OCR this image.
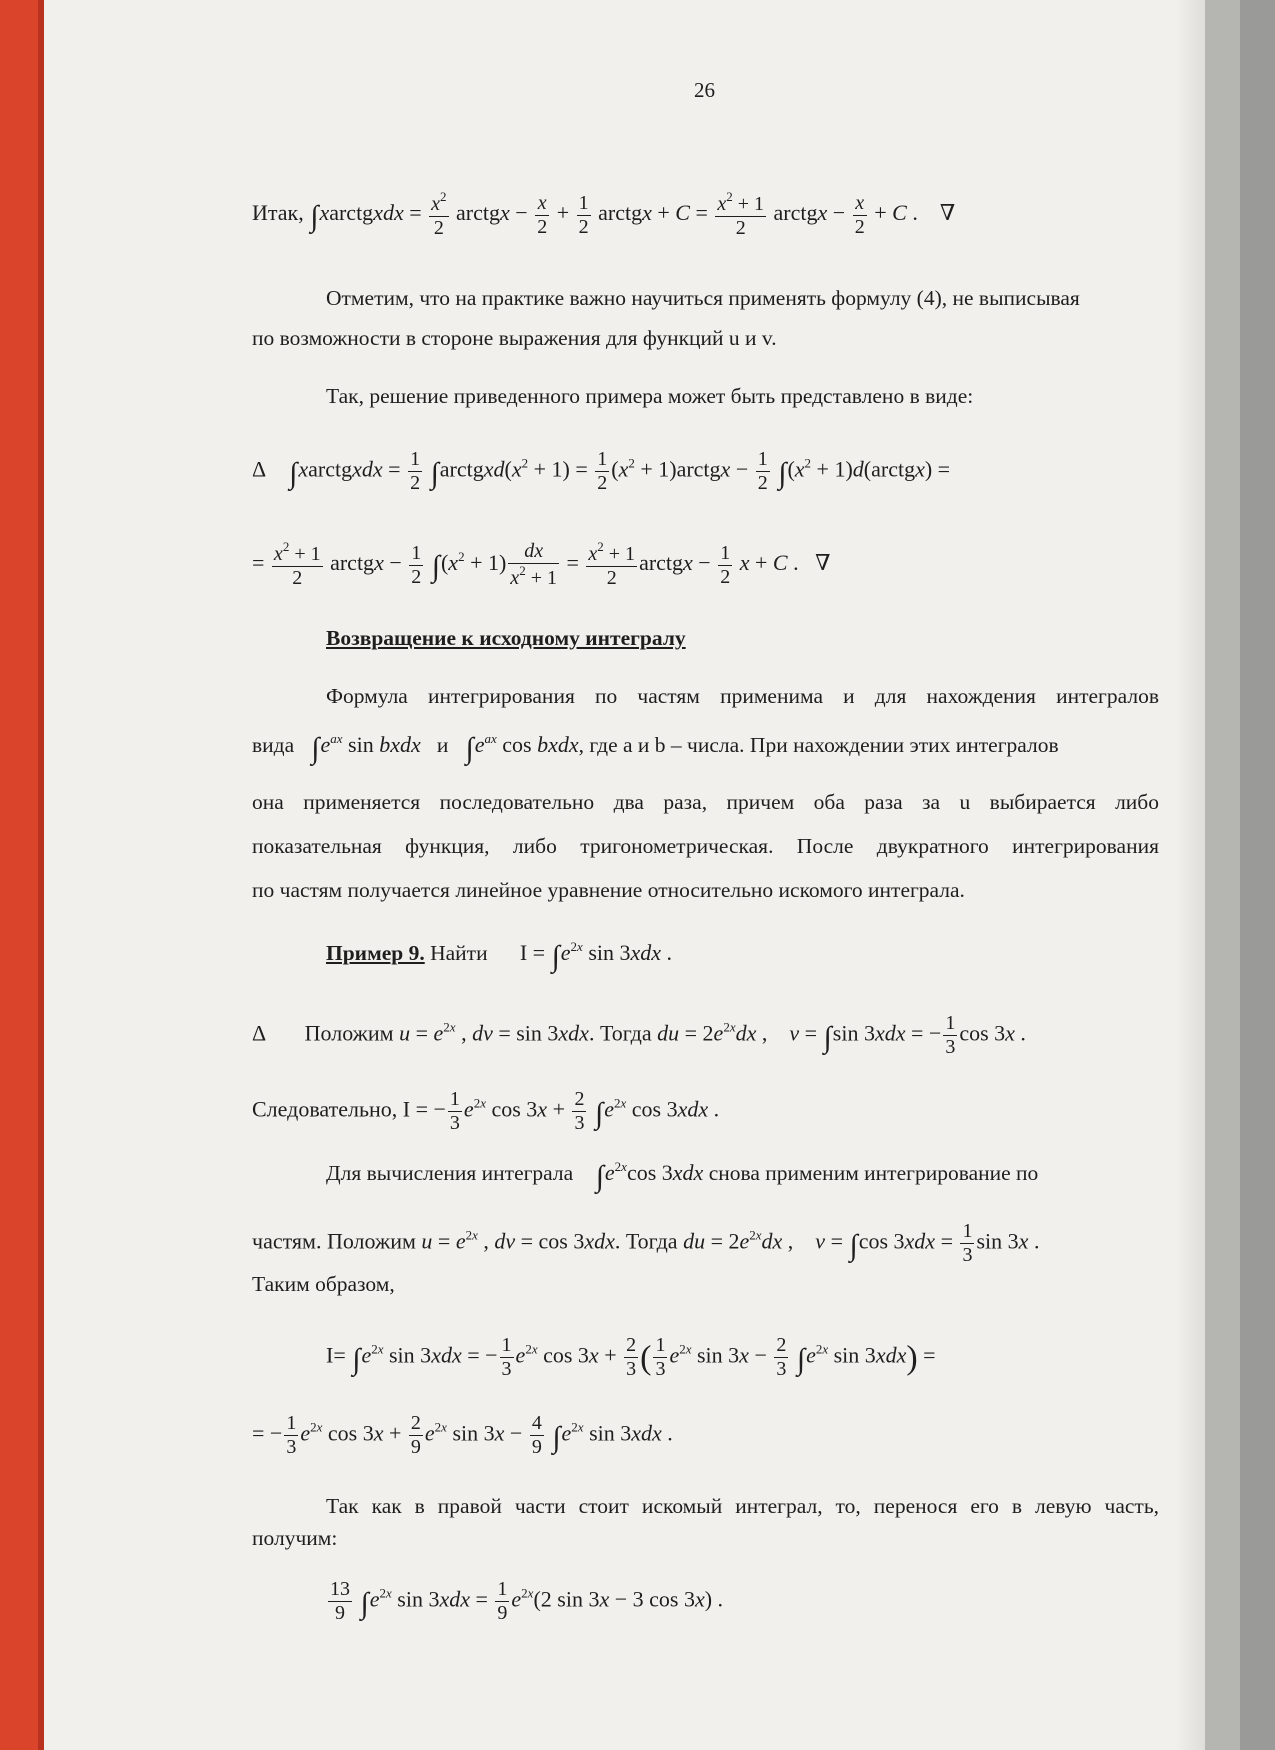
26
Итак, ∫xarctgxdx = $\frac{x^2}{2}$ arctgx − $\frac{x}{2} + \frac{1}{2}$ arctgx + $C = \frac{x^2 + 1}{2}$ arctgx − $\frac{x}{2} + C$ .    ∇
Отметим, что на практике важно научиться применять формулу (4), не выписывая
по возможности в стороне выражения для функций u и v.
Так, решение приведенного примера может быть представлено в виде:
Δ ∫xarctgxdx = $\frac{1}{2}$ $\int arctgxd(x^2 + 1) = \frac{1}{2} (x^2$ + 1)arctgx − $\frac{1}{2} \int(x^2$ + 1)d(arctgx) =
= $\frac{x^2 + 1}{2}$ arctgx − $\frac{1}{2} \int(x^2 + 1) \frac{dx}{x^2 + 1} = \frac{x^2 + 1}{2}$ arctgx − $\frac{1}{2}$ x + C .   ∇
Возвращение к исходному интегралу
Формула интегрирования по частям применима и для нахождения интегралов
вида $\int e^{ax}$ sin bxdx и $\int e^{ax}$ cos bxdx, где a и b – числа. При нахождении этих интегралов
она применяется последовательно два раза, причем оба раза за u выбирается либо
показательная функция, либо тригонометрическая. После двукратного интегрирования
по частям получается линейное уравнение относительно искомого интеграла.
Пример 9. Найти $I = \int e^{2x}$ sin 3xdx .
Δ Положим $u = e^{2x}$ , dv = sin 3xdx. Тогда du = $2e^{2x}dx$ ,    v = ∫sin 3xdx = − $\frac{1}{3}$ cos 3x .
Следовательно, I = − $\frac{1}{3} e^{2x}$ $\cos 3x + \frac{2}{3} \int e^{2x}$ cos 3xdx .
Для вычисления интеграла $\int e^{2x}\cos$ 3xdx снова применим интегрирование по
частям. Положим $u = e^{2x}$ , dv = cos 3xdx. Тогда du = $2e^{2x}dx$ ,    v = ∫cos $3xdx = \frac{1}{3}$ sin 3x .
Таким образом,
$I= \int e^{2x}$ sin 3xdx = − $\frac{1}{3} e^{2x}$ $\cos 3x + \frac{2}{3}$ ( $\frac{1}{3} e^{2x}$ $\sin 3x - \frac{2}{3} \int e^{2x}$ sin 3xdx) =
= − $\frac{1}{3} e^{2x}$ $\cos 3x + \frac{2}{9} e^{2x}$ $\sin 3x - \frac{4}{9} \int e^{2x}$ sin 3xdx .
Так как в правой части стоит искомый интеграл, то, перенося его в левую часть,
получим:
$\frac{13}{9} \int e^{2x}$ $\sin 3xdx = \frac{1}{9} e^{2x}(2$ sin 3x − 3 cos 3x) .
